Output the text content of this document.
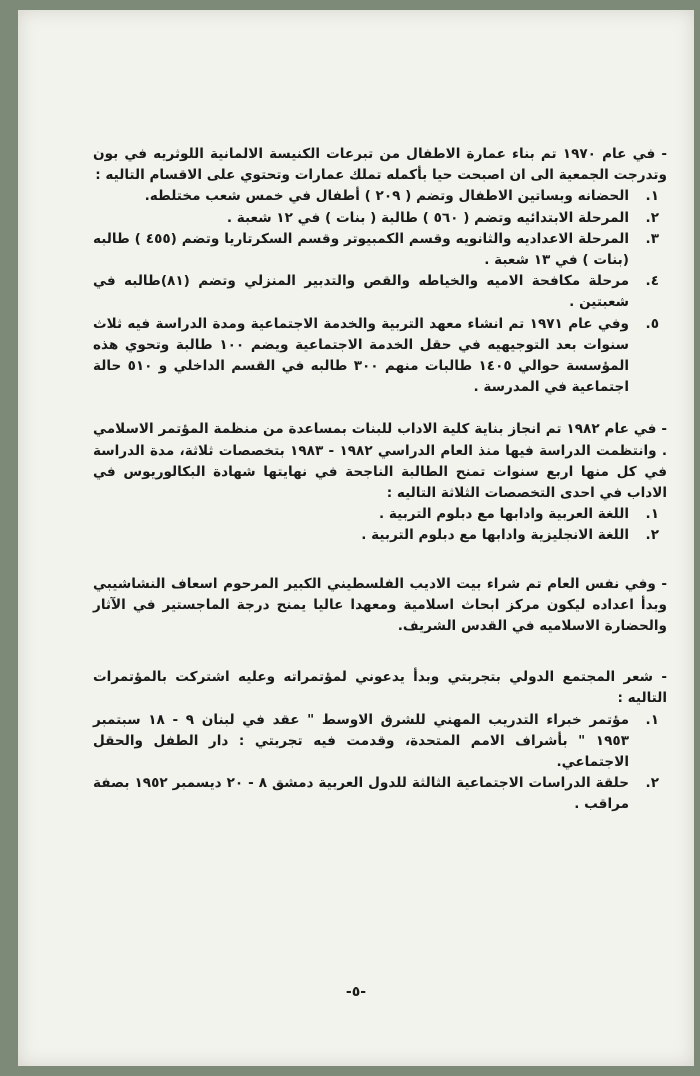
- في عام ١٩٧٠ تم بناء عمارة الاطفال من تبرعات الكنيسة الالمانية اللوثريه في بون وتدرجت الجمعية الى ان اصبحت حيا بأكمله تملك عمارات وتحتوي على الاقسام التاليه :

١.
الحضانه وبساتين الاطفال وتضم ( ٢٠٩ ) أطفال في خمس شعب مختلطه.
٢.
المرحلة الابتدائيه وتضم ( ٥٦٠ ) طالبة ( بنات ) في ١٢ شعبة .
٣.
المرحلة الاعداديه والثانويه وقسم الكمبيوتر وقسم السكرتاريا وتضم (٤٥٥ ) طالبه (بنات ) في ١٣ شعبة .
٤.
مرحلة مكافحة الاميه والخياطه والقص والتدبير المنزلي وتضم (٨١)طالبه في شعبتين .
٥.
وفي عام ١٩٧١ تم انشاء معهد التربية والخدمة الاجتماعية ومدة الدراسة فيه ثلاث سنوات بعد التوجيهيه في حقل الخدمة الاجتماعية ويضم ١٠٠ طالبة وتحوي هذه المؤسسة حوالي ١٤٠٥ طالبات منهم ٣٠٠ طالبه في القسم الداخلي و ٥١٠ حالة اجتماعية في المدرسة .

- في عام ١٩٨٢ تم انجاز بناية كلية الاداب للبنات بمساعدة من منظمة المؤتمر الاسلامي . وانتظمت الدراسة فيها منذ العام الدراسي ١٩٨٢ - ١٩٨٣ بتخصصات ثلاثة، مدة الدراسة في كل منها اربع سنوات تمنح الطالبة الناجحة في نهايتها شهادة البكالوريوس في الاداب في احدى التخصصات الثلاثة التاليه :

١.
اللغة العربية وادابها مع دبلوم التربية .
٢.
اللغة الانجليزية وادابها مع دبلوم التربية .

- وفي نفس العام تم شراء بيت الاديب الفلسطيني الكبير المرحوم اسعاف النشاشيبي وبدأ اعداده ليكون مركز ابحاث اسلامية ومعهدا عاليا يمنح درجة الماجستير في الآثار والحضارة الاسلاميه في القدس الشريف.

- شعر المجتمع الدولي بتجربتي وبدأ يدعوني لمؤتمراته وعليه اشتركت بالمؤتمرات التاليه :

١.
مؤتمر خبراء التدريب المهني للشرق الاوسط " عقد في لبنان ٩ - ١٨ سبتمبر ١٩٥٣ " بأشراف الامم المتحدة، وقدمت فيه تجربتي : دار الطفل والحقل الاجتماعي.
٢.
حلقة الدراسات الاجتماعية الثالثة للدول العربية دمشق ٨ - ٢٠ ديسمبر ١٩٥٢ بصفة مراقب .
-٥-
